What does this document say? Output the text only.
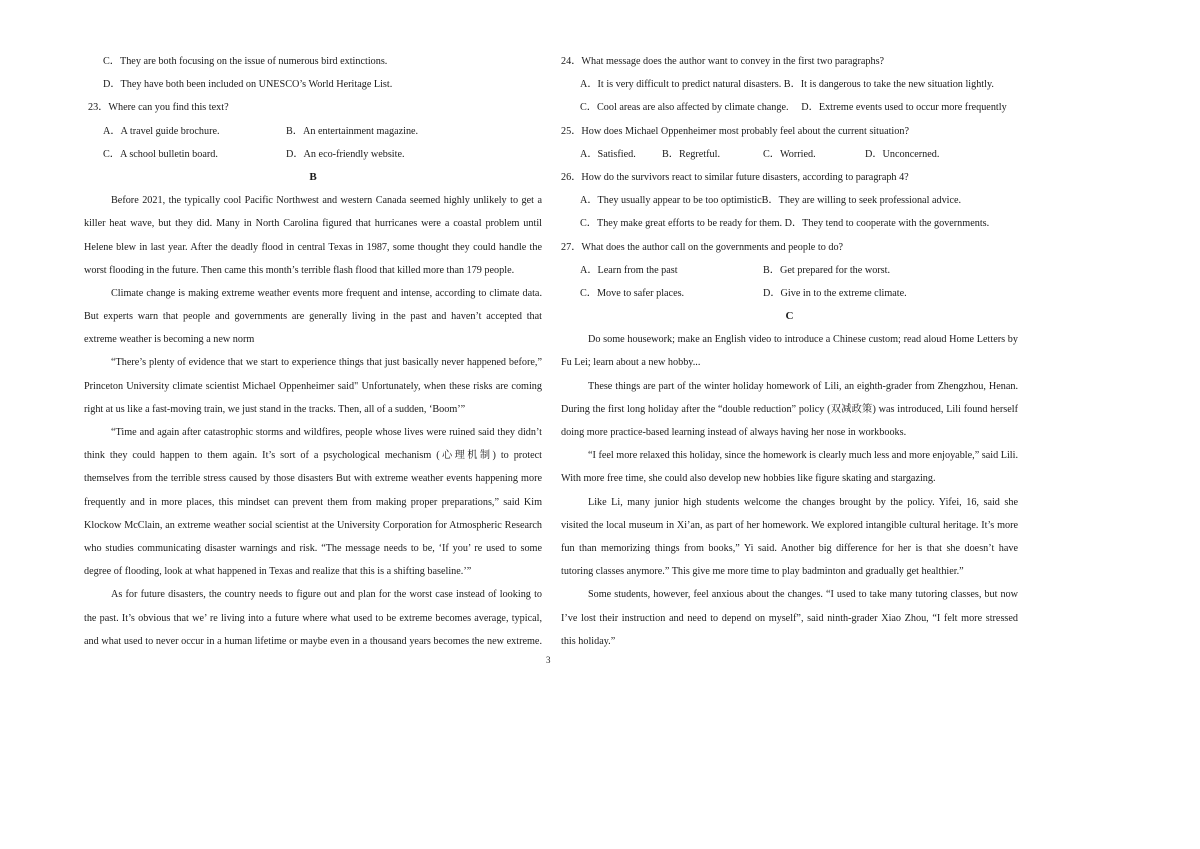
C．They are both focusing on the issue of numerous bird extinctions.
D．They have both been included on UNESCO’s World Heritage List.
23．Where can you find this text?
A．A travel guide brochure.	B．An entertainment magazine.
C．A school bulletin board.	D．An eco-friendly website.
B
Before 2021, the typically cool Pacific Northwest and western Canada seemed highly unlikely to get a
killer heat wave, but they did. Many in North Carolina figured that hurricanes were a coastal problem until
Helene blew in last year. After the deadly flood in central Texas in 1987, some thought they could handle the
worst flooding in the future. Then came this month’s terrible flash flood that killed more than 179 people.
Climate change is making extreme weather events more frequent and intense, according to climate data.
But experts warn that people and governments are generally living in the past and haven’t accepted that
extreme weather is becoming a new norm
“There’s plenty of evidence that we start to experience things that just basically never happened before,”
Princeton University climate scientist Michael Oppenheimer said" Unfortunately, when these risks are coming
right at us like a fast-moving train, we just stand in the tracks. Then, all of a sudden, ‘Boom’”
“Time and again after catastrophic storms and wildfires, people whose lives were ruined said they didn’t
think they could happen to them again. It’s sort of a psychological mechanism (心理机制) to protect
themselves from the terrible stress caused by those disasters But with extreme weather events happening more
frequently and in more places, this mindset can prevent them from making proper preparations,” said Kim
Klockow McClain, an extreme weather social scientist at the University Corporation for Atmospheric Research
who studies communicating disaster warnings and risk. “The message needs to be, ‘If you’ re used to some
degree of flooding, look at what happened in Texas and realize that this is a shifting baseline.’”
As for future disasters, the country needs to figure out and plan for the worst case instead of looking to
the past. It’s obvious that we’ re living into a future where what used to be extreme becomes average, typical,
and what used to never occur in a human lifetime or maybe even in a thousand years becomes the new extreme.
24．What message does the author want to convey in the first two paragraphs?
A．It is very difficult to predict natural disasters. B．It is dangerous to take the new situation lightly.
C．Cool areas are also affected by climate change.     D．Extreme events used to occur more frequently
25．How does Michael Oppenheimer most probably feel about the current situation?
A．Satisfied.	B．Regretful.	C．Worried.	D．Unconcerned.
26．How do the survivors react to similar future disasters, according to paragraph 4?
A．They usually appear to be too optimisticB．They are willing to seek professional advice.
C．They make great efforts to be ready for them. D．They tend to cooperate with the governments.
27．What does the author call on the governments and people to do?
A．Learn from the past	B．Get prepared for the worst.
C．Move to safer places.	D．Give in to the extreme climate.
C
Do some housework; make an English video to introduce a Chinese custom; read aloud Home Letters by
Fu Lei; learn about a new hobby...
These things are part of the winter holiday homework of Lili, an eighth-grader from Zhengzhou, Henan.
During the first long holiday after the “double reduction” policy (双减政策) was introduced, Lili found herself
doing more practice-based learning instead of always having her nose in workbooks.
“I feel more relaxed this holiday, since the homework is clearly much less and more enjoyable,” said Lili.
With more free time, she could also develop new hobbies like figure skating and stargazing.
Like Li, many junior high students welcome the changes brought by the policy. Yifei, 16, said she
visited the local museum in Xi’an, as part of her homework. We explored intangible cultural heritage. It’s more
fun than memorizing things from books,” Yi said. Another big difference for her is that she doesn’t have
tutoring classes anymore.” This give me more time to play badminton and gradually get healthier.”
Some students, however, feel anxious about the changes. “I used to take many tutoring classes, but now
I’ve lost their instruction and need to depend on myself”, said ninth-grader Xiao Zhou, “I felt more stressed
this holiday.”
3
